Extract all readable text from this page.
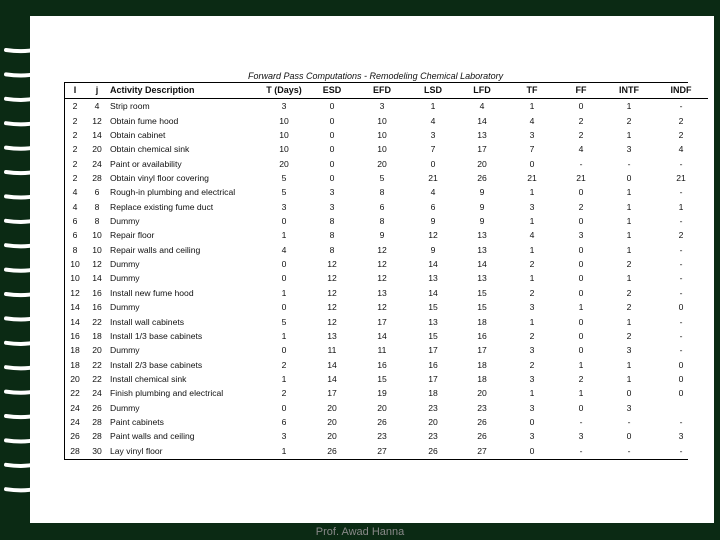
Forward Pass Computations - Remodeling Chemical Laboratory
I	j	Activity Description	T (Days)	ESD	EFD	LSD	LFD	TF	FF	INTF	INDF
2	4	Strip room	3	0	3	1	4	1	0	1	-
2	12	Obtain fume hood	10	0	10	4	14	4	2	2	2
2	14	Obtain cabinet	10	0	10	3	13	3	2	1	2
2	20	Obtain chemical sink	10	0	10	7	17	7	4	3	4
2	24	Paint or availability	20	0	20	0	20	0	-	-	-
2	28	Obtain vinyl floor covering	5	0	5	21	26	21	21	0	21
4	6	Rough-in plumbing and electrical	5	3	8	4	9	1	0	1	-
4	8	Replace existing fume duct	3	3	6	6	9	3	2	1	1
6	8	Dummy	0	8	8	9	9	1	0	1	-
6	10	Repair floor	1	8	9	12	13	4	3	1	2
8	10	Repair walls and ceiling	4	8	12	9	13	1	0	1	-
10	12	Dummy	0	12	12	14	14	2	0	2	-
10	14	Dummy	0	12	12	13	13	1	0	1	-
12	16	Install new fume hood	1	12	13	14	15	2	0	2	-
14	16	Dummy	0	12	12	15	15	3	1	2	0
14	22	Install wall cabinets	5	12	17	13	18	1	0	1	-
16	18	Install 1/3 base cabinets	1	13	14	15	16	2	0	2	-
18	20	Dummy	0	11	11	17	17	3	0	3	-
18	22	Install 2/3 base cabinets	2	14	16	16	18	2	1	1	0
20	22	Install chemical sink	1	14	15	17	18	3	2	1	0
22	24	Finish plumbing and electrical	2	17	19	18	20	1	1	0	0
24	26	Dummy	0	20	20	23	23	3	0	3	
24	28	Paint cabinets	6	20	26	20	26	0	-	-	-
26	28	Paint walls and ceiling	3	20	23	23	26	3	3	0	3
28	30	Lay vinyl floor	1	26	27	26	27	0	-	-	-
Prof. Awad Hanna
